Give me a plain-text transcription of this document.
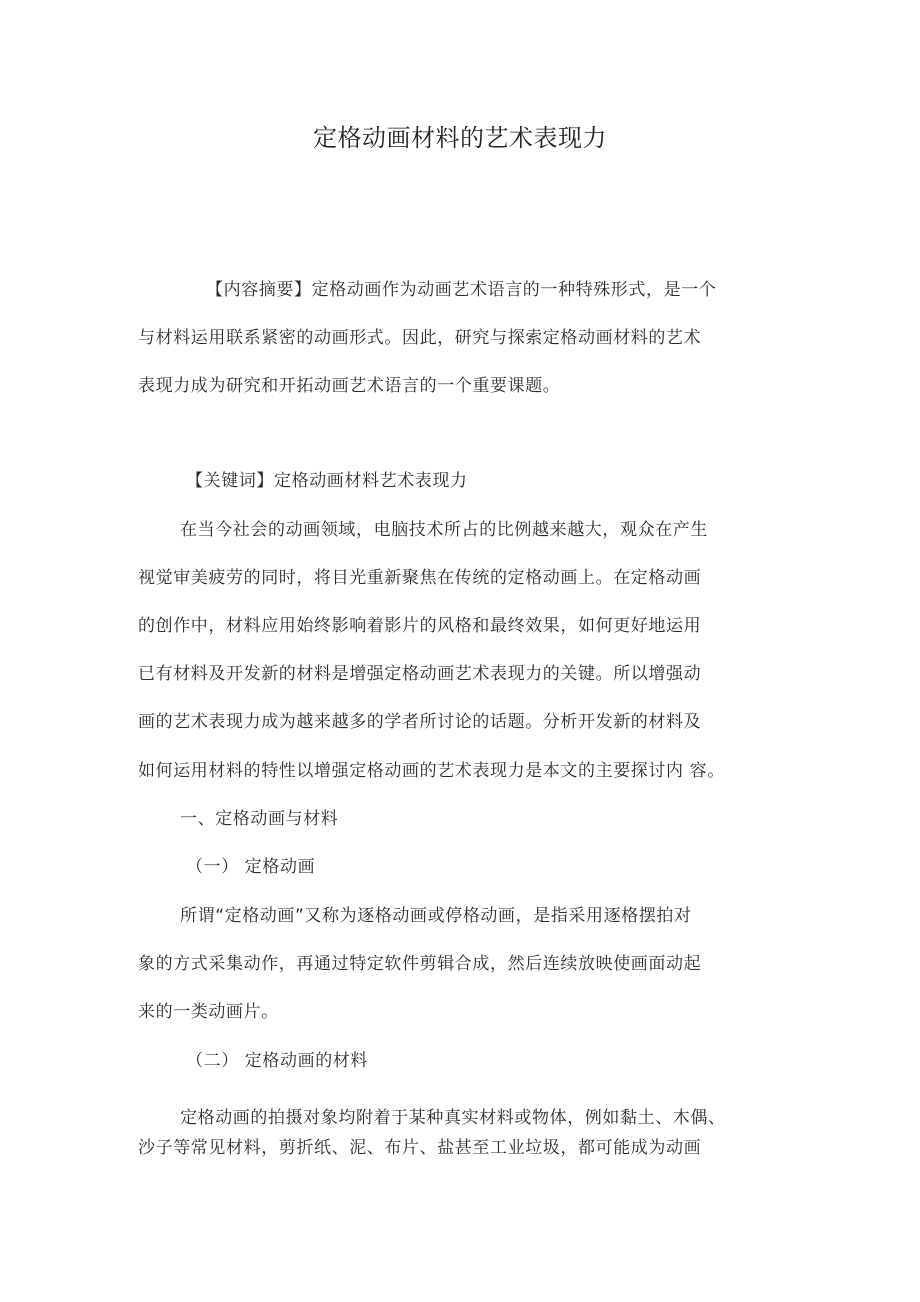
定格动画材料的艺术表现力
【内容摘要】定格动画作为动画艺术语言的一种特殊形式，是一个
与材料运用联系紧密的动画形式。因此，研究与探索定格动画材料的艺术
表现力成为研究和开拓动画艺术语言的一个重要课题。
【关键词】定格动画材料艺术表现力
在当今社会的动画领域，电脑技术所占的比例越来越大，观众在产生
视觉审美疲劳的同时，将目光重新聚焦在传统的定格动画上。在定格动画
的创作中，材料应用始终影响着影片的风格和最终效果，如何更好地运用
已有材料及开发新的材料是增强定格动画艺术表现力的关键。所以增强动
画的艺术表现力成为越来越多的学者所讨论的话题。分析开发新的材料及
如何运用材料的特性以增强定格动画的艺术表现力是本文的主要探讨内 容。
一、定格动画与材料
（一） 定格动画
所谓“定格动画”又称为逐格动画或停格动画，是指采用逐格摆拍对
象的方式采集动作，再通过特定软件剪辑合成，然后连续放映使画面动起
来的一类动画片。
（二） 定格动画的材料
定格动画的拍摄对象均附着于某种真实材料或物体，例如黏土、木偶、
沙子等常见材料，剪折纸、泥、布片、盐甚至工业垃圾，都可能成为动画
